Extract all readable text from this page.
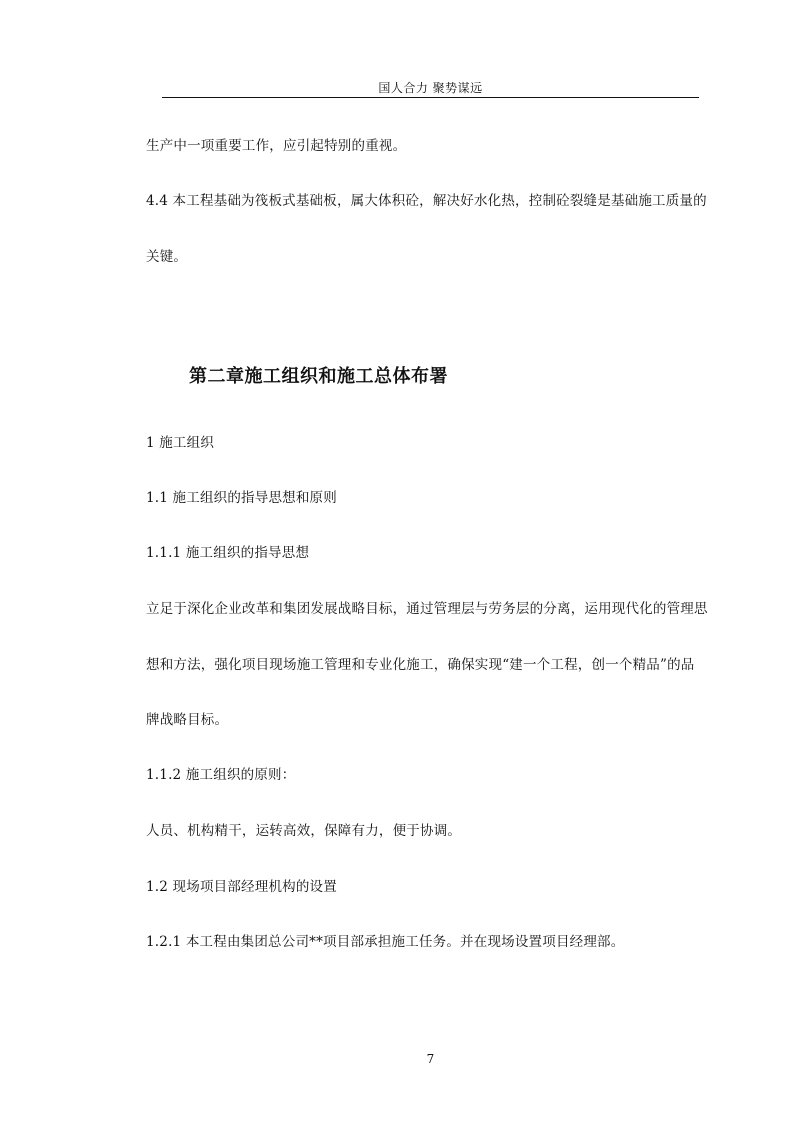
国人合力 聚势谋远
生产中一项重要工作，应引起特别的重视。
4.4 本工程基础为筏板式基础板，属大体积砼，解决好水化热，控制砼裂缝是基础施工质量的
关键。
第二章施工组织和施工总体布署
1 施工组织
1.1 施工组织的指导思想和原则
1.1.1 施工组织的指导思想
立足于深化企业改革和集团发展战略目标，通过管理层与劳务层的分离，运用现代化的管理思
想和方法，强化项目现场施工管理和专业化施工，确保实现“建一个工程，创一个精品”的品
牌战略目标。
1.1.2 施工组织的原则：
人员、机构精干，运转高效，保障有力，便于协调。
1.2 现场项目部经理机构的设置
1.2.1 本工程由集团总公司**项目部承担施工任务。并在现场设置项目经理部。
7
